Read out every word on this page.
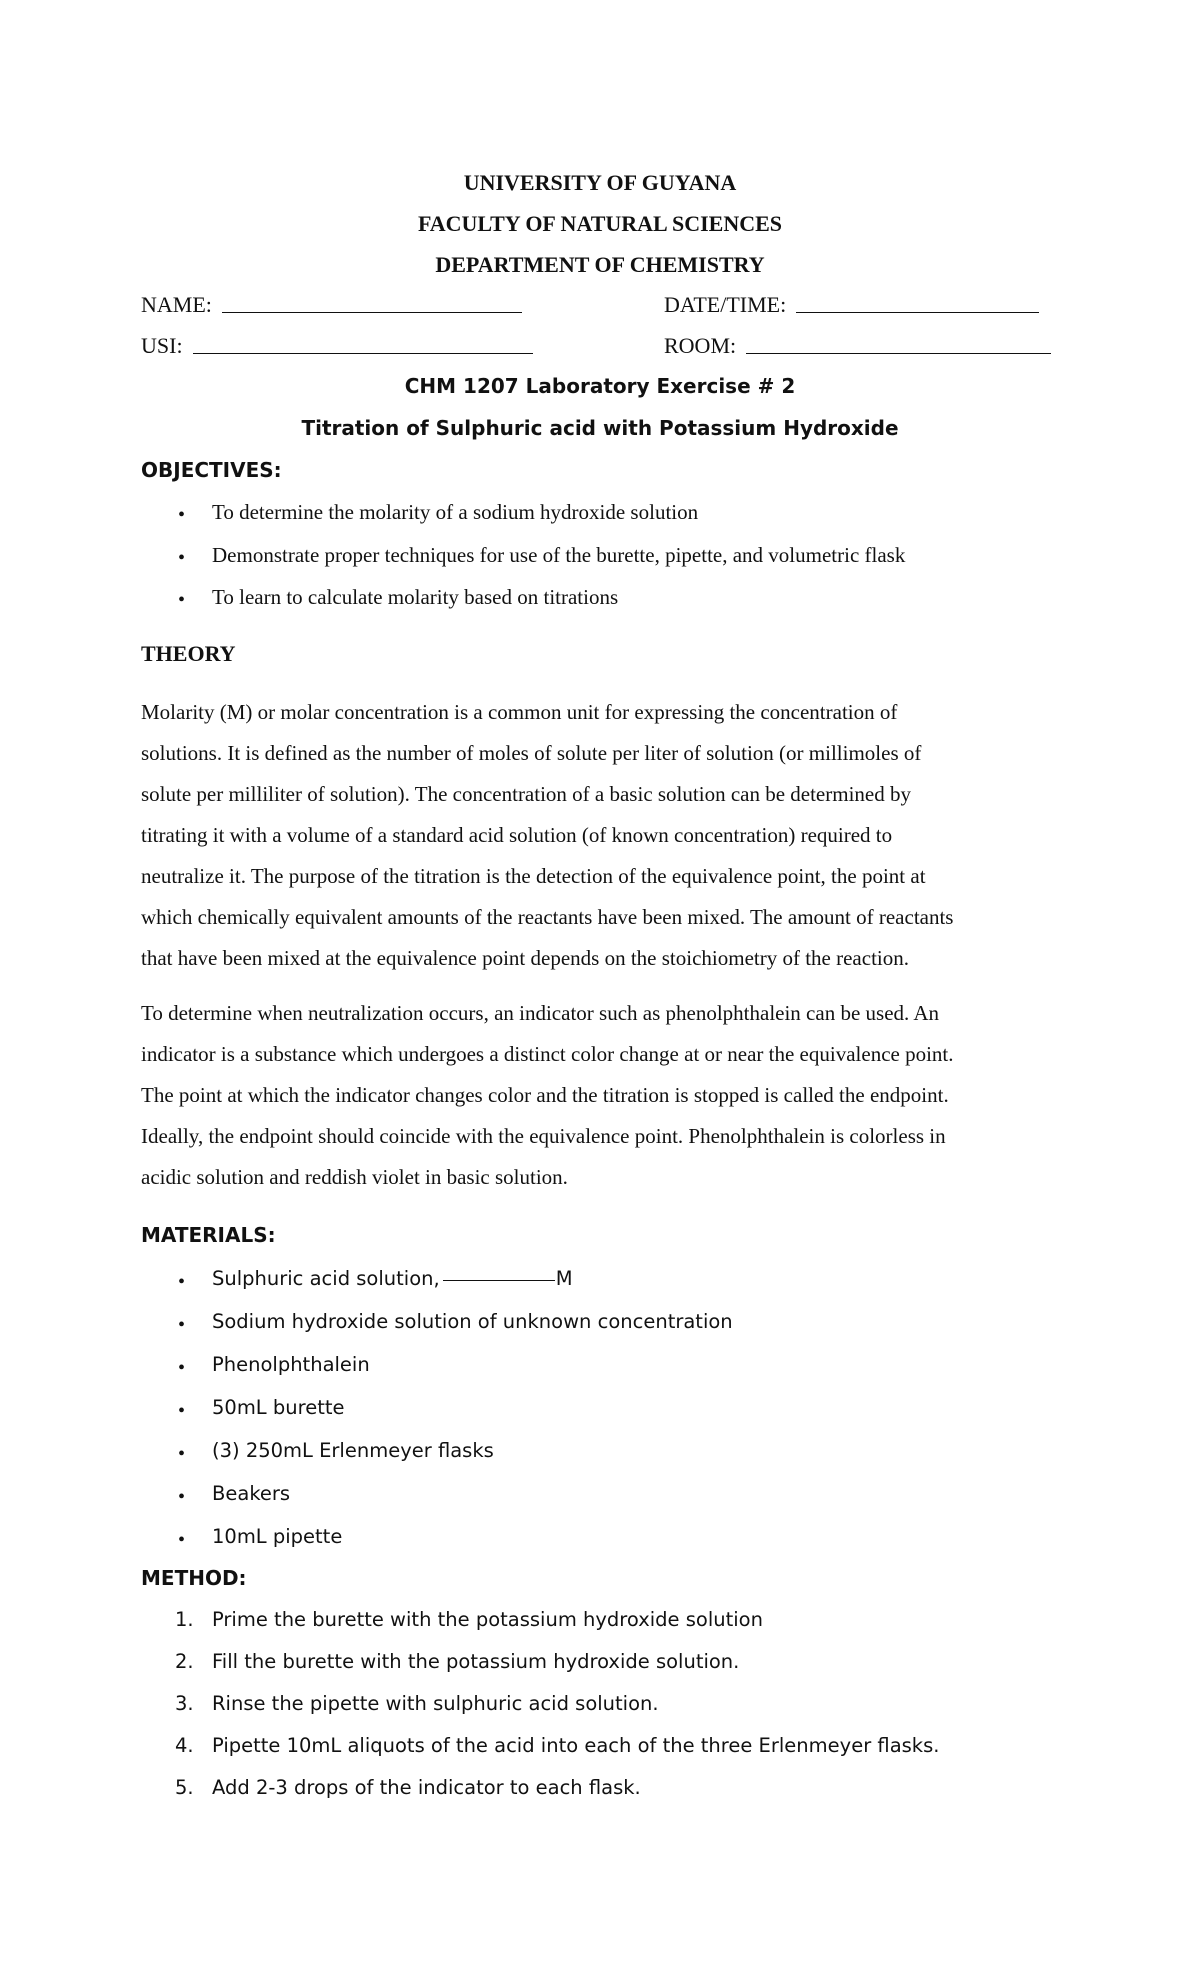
UNIVERSITY OF GUYANA
FACULTY OF NATURAL SCIENCES
DEPARTMENT OF CHEMISTRY
NAME:	DATE/TIME:
USI:	ROOM:
CHM 1207 Laboratory Exercise # 2
Titration of Sulphuric acid with Potassium Hydroxide
OBJECTIVES:
• To determine the molarity of a sodium hydroxide solution
• Demonstrate proper techniques for use of the burette, pipette, and volumetric flask
• To learn to calculate molarity based on titrations
THEORY
Molarity (M) or molar concentration is a common unit for expressing the concentration of
solutions. It is defined as the number of moles of solute per liter of solution (or millimoles of
solute per milliliter of solution). The concentration of a basic solution can be determined by
titrating it with a volume of a standard acid solution (of known concentration) required to
neutralize it. The purpose of the titration is the detection of the equivalence point, the point at
which chemically equivalent amounts of the reactants have been mixed. The amount of reactants
that have been mixed at the equivalence point depends on the stoichiometry of the reaction.
To determine when neutralization occurs, an indicator such as phenolphthalein can be used. An
indicator is a substance which undergoes a distinct color change at or near the equivalence point.
The point at which the indicator changes color and the titration is stopped is called the endpoint.
Ideally, the endpoint should coincide with the equivalence point. Phenolphthalein is colorless in
acidic solution and reddish violet in basic solution.
MATERIALS:
• Sulphuric acid solution,	M
• Sodium hydroxide solution of unknown concentration
• Phenolphthalein
• 50mL burette
• (3) 250mL Erlenmeyer flasks
• Beakers
• 10mL pipette
METHOD:
1. Prime the burette with the potassium hydroxide solution
2. Fill the burette with the potassium hydroxide solution.
3. Rinse the pipette with sulphuric acid solution.
4. Pipette 10mL aliquots of the acid into each of the three Erlenmeyer flasks.
5. Add 2-3 drops of the indicator to each flask.
